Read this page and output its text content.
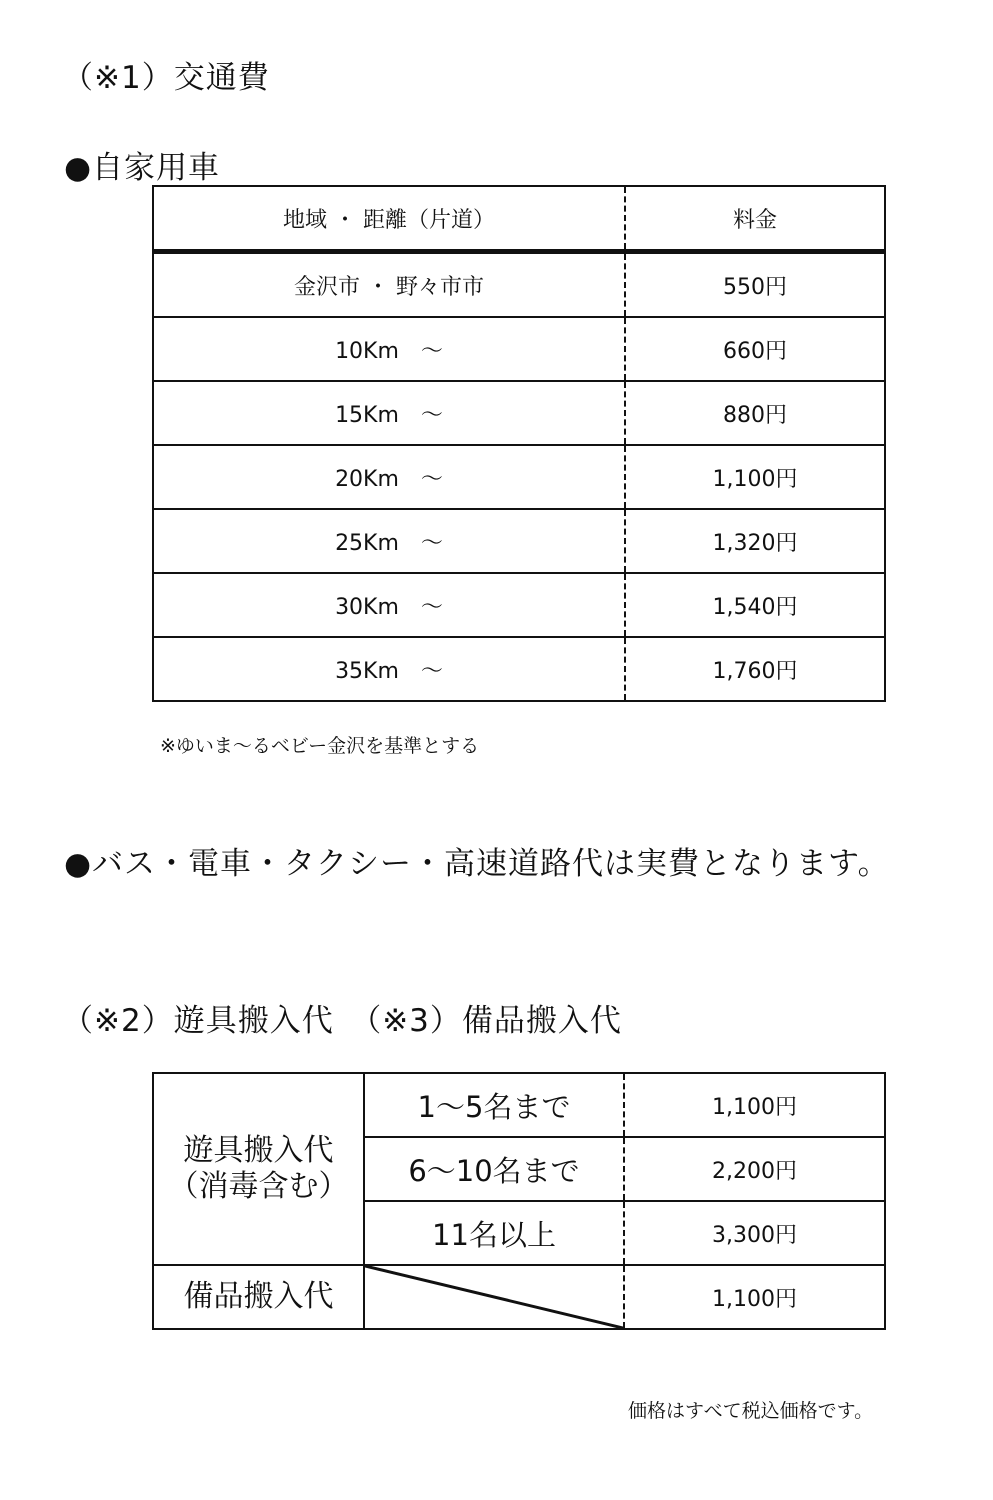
（※1）交通費
●自家用車
地域 ・ 距離（片道）	料金
金沢市 ・ 野々市市	550円
10Km　～	660円
15Km　～	880円
20Km　～	1,100円
25Km　～	1,320円
30Km　～	1,540円
35Km　～	1,760円
※ゆいま～るベビー金沢を基準とする
●バス・電車・タクシー・高速道路代は実費となります。
（※2）遊具搬入代　（※3）備品搬入代
遊具搬入代
（消毒含む）	1～5名まで	1,100円
	6～10名まで	2,200円
	11名以上	3,300円
備品搬入代		1,100円
価格はすべて税込価格です。
